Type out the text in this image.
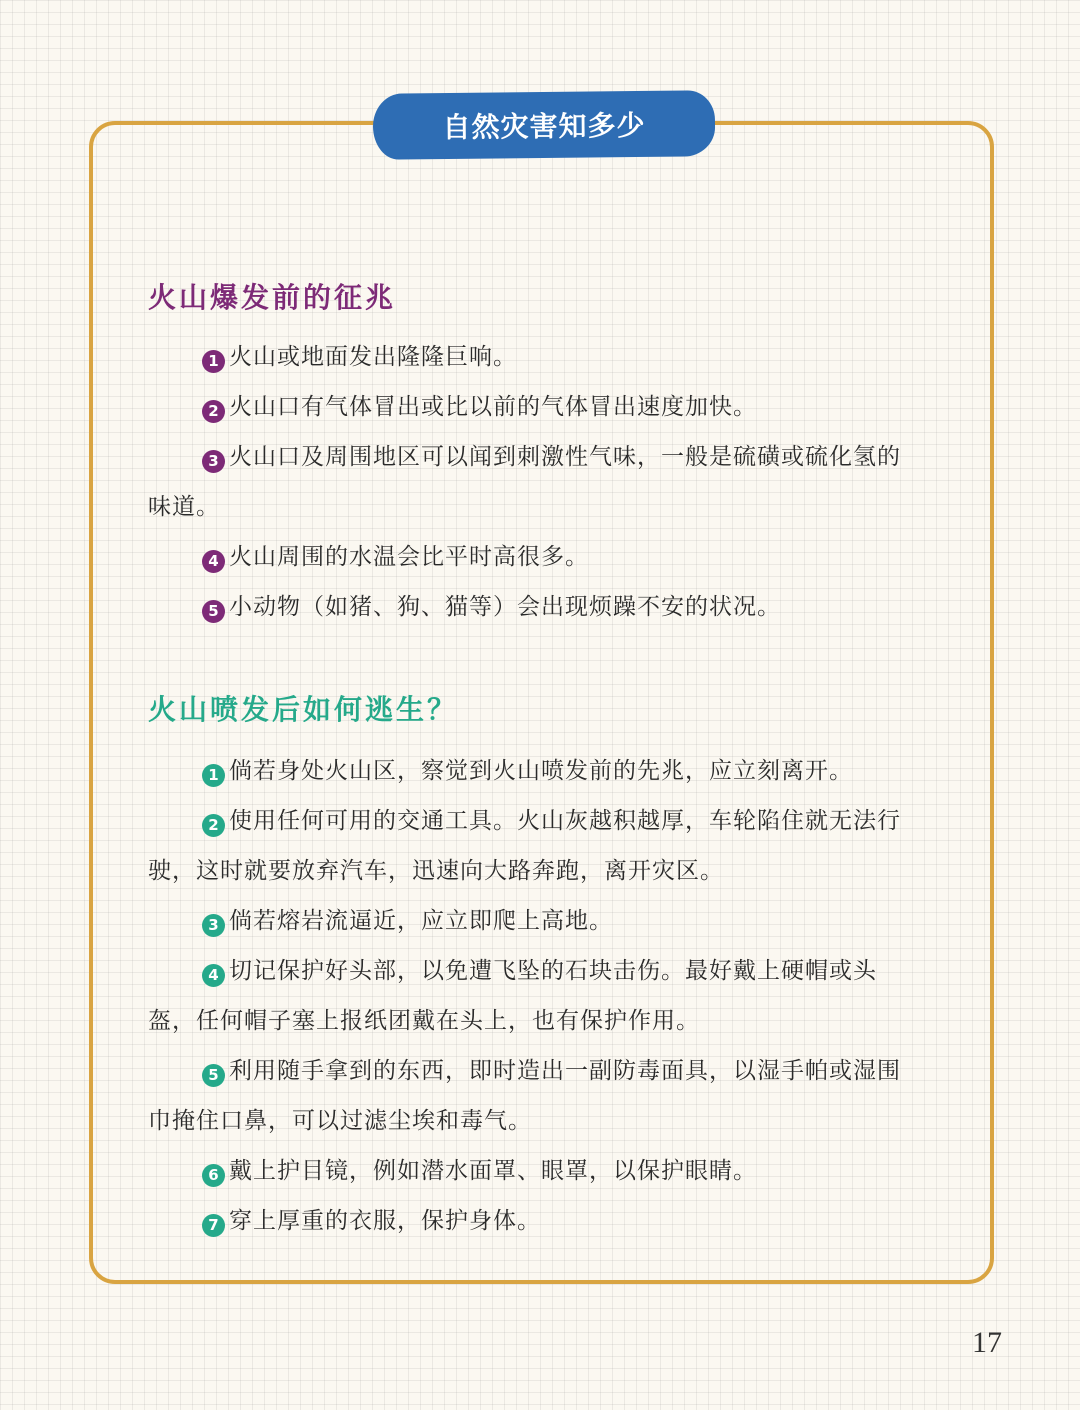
自然灾害知多少
火山爆发前的征兆

1 火山或地面发出隆隆巨响。

2 火山口有气体冒出或比以前的气体冒出速度加快。

3 火山口及周围地区可以闻到刺激性气味，一般是硫磺或硫化氢的味道。

4 火山周围的水温会比平时高很多。

5 小动物（如猪、狗、猫等）会出现烦躁不安的状况。

火山喷发后如何逃生？

1 倘若身处火山区，察觉到火山喷发前的先兆，应立刻离开。

2 使用任何可用的交通工具。火山灰越积越厚，车轮陷住就无法行驶，这时就要放弃汽车，迅速向大路奔跑，离开灾区。

3 倘若熔岩流逼近，应立即爬上高地。

4 切记保护好头部，以免遭飞坠的石块击伤。最好戴上硬帽或头盔，任何帽子塞上报纸团戴在头上，也有保护作用。

5 利用随手拿到的东西，即时造出一副防毒面具，以湿手帕或湿围巾掩住口鼻，可以过滤尘埃和毒气。

6 戴上护目镜，例如潜水面罩、眼罩，以保护眼睛。

7 穿上厚重的衣服，保护身体。

17
